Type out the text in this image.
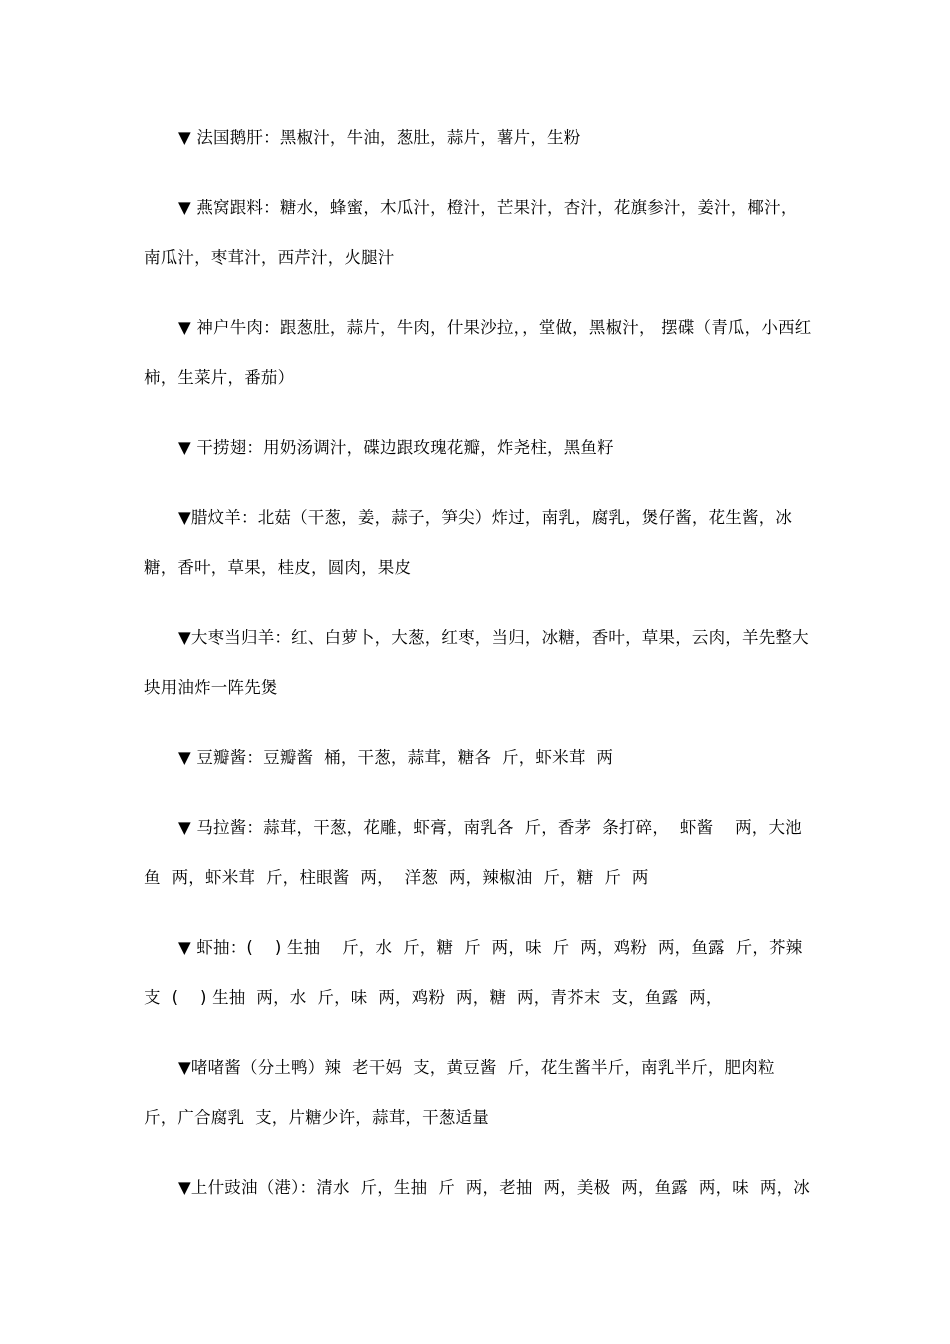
▼ 法国鹅肝：黑椒汁，牛油，葱肚，蒜片，薯片，生粉

▼ 燕窝跟料：糖水，蜂蜜，木瓜汁，橙汁，芒果汁，杏汁，花旗参汁，姜汁，椰汁，南瓜汁，枣茸汁，西芹汁，火腿汁

▼ 神户牛肉：跟葱肚，蒜片，牛肉，什果沙拉，，堂做，黑椒汁， 摆碟（青瓜，小西红柿，生菜片，番茄）

▼ 干捞翅：用奶汤调汁，碟边跟玫瑰花瓣，炸尧柱，黑鱼籽

▼腊炆羊：北菇（干葱，姜，蒜子，笋尖）炸过，南乳，腐乳，煲仔酱，花生酱，冰糖，香叶，草果，桂皮，圆肉，果皮

▼大枣当归羊：红、白萝卜，大葱，红枣，当归，冰糖，香叶，草果，云肉，羊先整大块用油炸一阵先煲

▼ 豆瓣酱：豆瓣酱  桶，干葱，蒜茸，糖各  斤，虾米茸  两

▼ 马拉酱：蒜茸，干葱，花雕，虾膏，南乳各  斤，香茅  条打碎，  虾酱    两，大池鱼  两，虾米茸  斤，柱眼酱  两，  洋葱  两，辣椒油  斤，糖  斤  两

▼ 虾抽：(    ) 生抽    斤，水  斤，糖  斤  两，味  斤  两，鸡粉  两，鱼露  斤，芥辣支  (    ) 生抽  两，水  斤，味  两，鸡粉  两，糖  两，青芥末  支，鱼露  两，

▼啫啫酱（分土鸭）辣  老干妈  支，黄豆酱  斤，花生酱半斤，南乳半斤，肥肉粒  斤，广合腐乳  支，片糖少许，蒜茸，干葱适量

▼上什豉油（港）：清水  斤，生抽  斤  两，老抽  两，美极  两，鱼露  两，味  两，冰
